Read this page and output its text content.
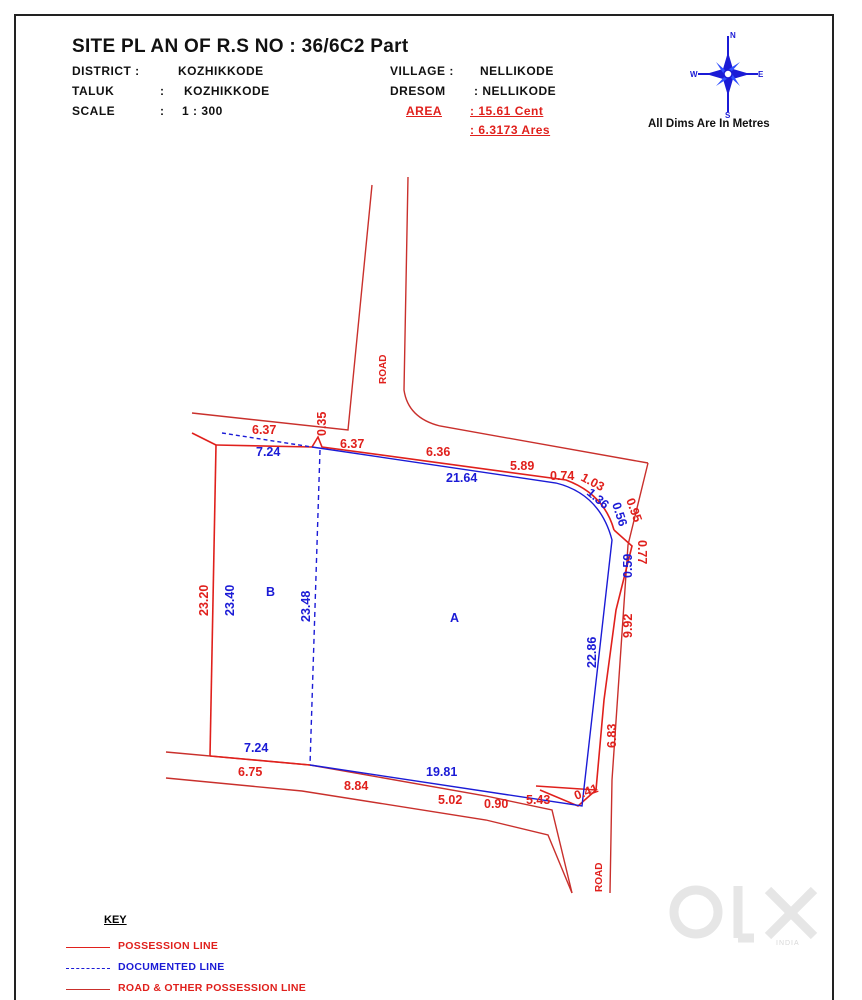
SITE PL AN OF R.S NO : 36/6C2 Part
DISTRICT :	KOZHIKKODE
TALUK	: KOZHIKKODE
SCALE	: 1 : 300
VILLAGE : NELLIKODE
DRESOM : NELLIKODE
AREA : 15.61 Cent
: 6.3173 Ares	All Dims Are In Metres
N
S
E
W
ROAD
ROAD
A
B
6.37	0.35
6.37
6.36
5.89
0.74 1.03
0.95
0.77
9.92
6.83
23.20
6.75
8.84
5.02 0.90 5.43 0.41
7.24
21.64
1.36
0.56
0.59
23.40	23.48
22.86
7.24
19.81
KEY
POSSESSION LINE
DOCUMENTED LINE
ROAD & OTHER POSSESSION LINE
INDIA
